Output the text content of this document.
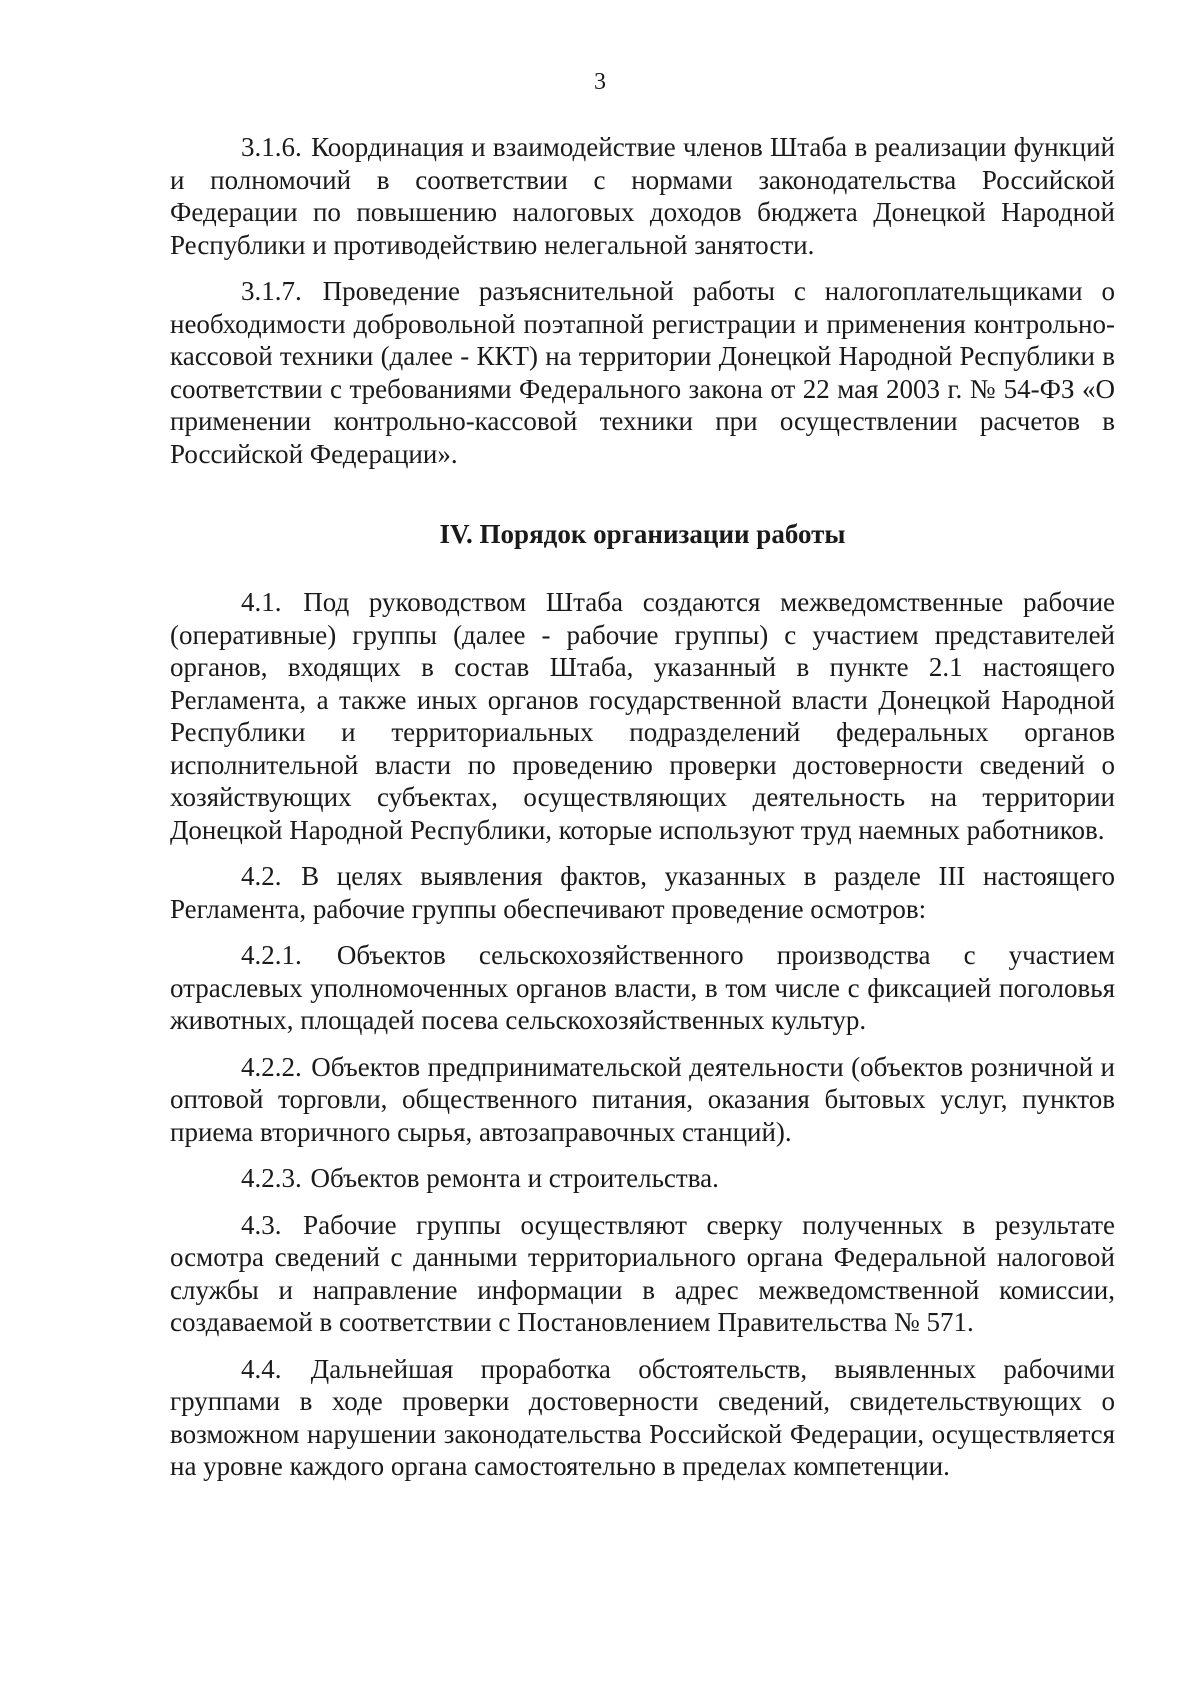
3

3.1.6. Координация и взаимодействие членов Штаба в реализации функций и полномочий в соответствии с нормами законодательства Российской Федерации по повышению налоговых доходов бюджета Донецкой Народной Республики и противодействию нелегальной занятости.

3.1.7. Проведение разъяснительной работы с налогоплательщиками о необходимости добровольной поэтапной регистрации и применения контрольно-кассовой техники (далее - ККТ) на территории Донецкой Народной Республики в соответствии с требованиями Федерального закона от 22 мая 2003 г. № 54-ФЗ «О применении контрольно-кассовой техники при осуществлении расчетов в Российской Федерации».

IV. Порядок организации работы

4.1. Под руководством Штаба создаются межведомственные рабочие (оперативные) группы (далее - рабочие группы) с участием представителей органов, входящих в состав Штаба, указанный в пункте 2.1 настоящего Регламента, а также иных органов государственной власти Донецкой Народной Республики и территориальных подразделений федеральных органов исполнительной власти по проведению проверки достоверности сведений о хозяйствующих субъектах, осуществляющих деятельность на территории Донецкой Народной Республики, которые используют труд наемных работников.

4.2. В целях выявления фактов, указанных в разделе III настоящего Регламента, рабочие группы обеспечивают проведение осмотров:

4.2.1. Объектов сельскохозяйственного производства с участием отраслевых уполномоченных органов власти, в том числе с фиксацией поголовья животных, площадей посева сельскохозяйственных культур.

4.2.2. Объектов предпринимательской деятельности (объектов розничной и оптовой торговли, общественного питания, оказания бытовых услуг, пунктов приема вторичного сырья, автозаправочных станций).

4.2.3. Объектов ремонта и строительства.

4.3. Рабочие группы осуществляют сверку полученных в результате осмотра сведений с данными территориального органа Федеральной налоговой службы и направление информации в адрес межведомственной комиссии, создаваемой в соответствии с Постановлением Правительства № 571.

4.4. Дальнейшая проработка обстоятельств, выявленных рабочими группами в ходе проверки достоверности сведений, свидетельствующих о возможном нарушении законодательства Российской Федерации, осуществляется на уровне каждого органа самостоятельно в пределах компетенции.
